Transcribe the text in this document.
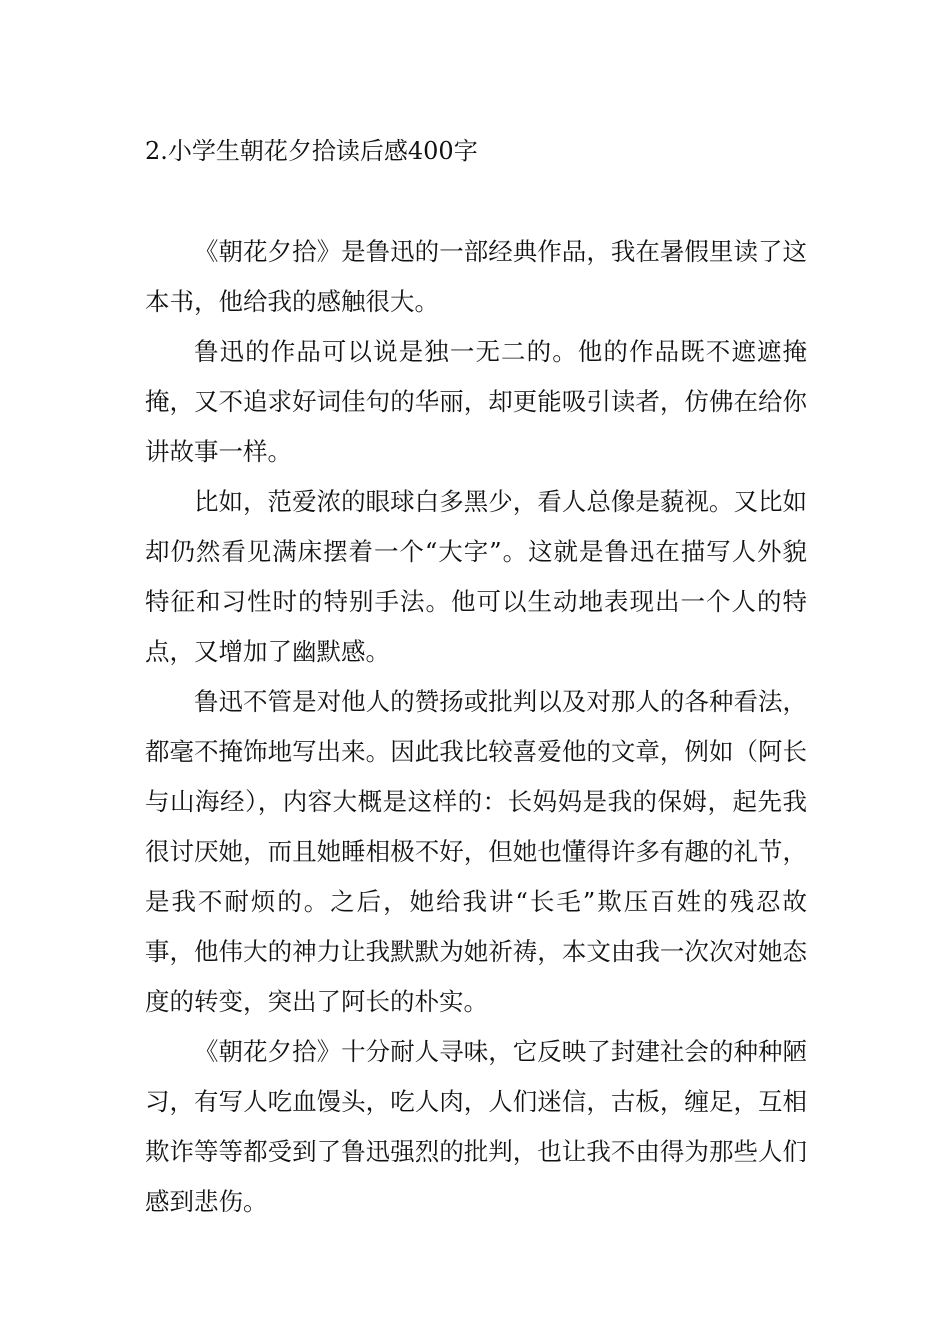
2.小学生朝花夕拾读后感400字

《朝花夕拾》是鲁迅的一部经典作品，我在暑假里读了这本书，他给我的感触很大。

鲁迅的作品可以说是独一无二的。他的作品既不遮遮掩掩，又不追求好词佳句的华丽，却更能吸引读者，仿佛在给你讲故事一样。

比如，范爱浓的眼球白多黑少，看人总像是藐视。又比如却仍然看见满床摆着一个“大字”。这就是鲁迅在描写人外貌特征和习性时的特别手法。他可以生动地表现出一个人的特点，又增加了幽默感。

鲁迅不管是对他人的赞扬或批判以及对那人的各种看法，都毫不掩饰地写出来。因此我比较喜爱他的文章，例如（阿长与山海经），内容大概是这样的：长妈妈是我的保姆，起先我很讨厌她，而且她睡相极不好，但她也懂得许多有趣的礼节，是我不耐烦的。之后，她给我讲“长毛”欺压百姓的残忍故事，他伟大的神力让我默默为她祈祷，本文由我一次次对她态度的转变，突出了阿长的朴实。

《朝花夕拾》十分耐人寻味，它反映了封建社会的种种陋习，有写人吃血馒头，吃人肉，人们迷信，古板，缠足，互相欺诈等等都受到了鲁迅强烈的批判，也让我不由得为那些人们感到悲伤。
